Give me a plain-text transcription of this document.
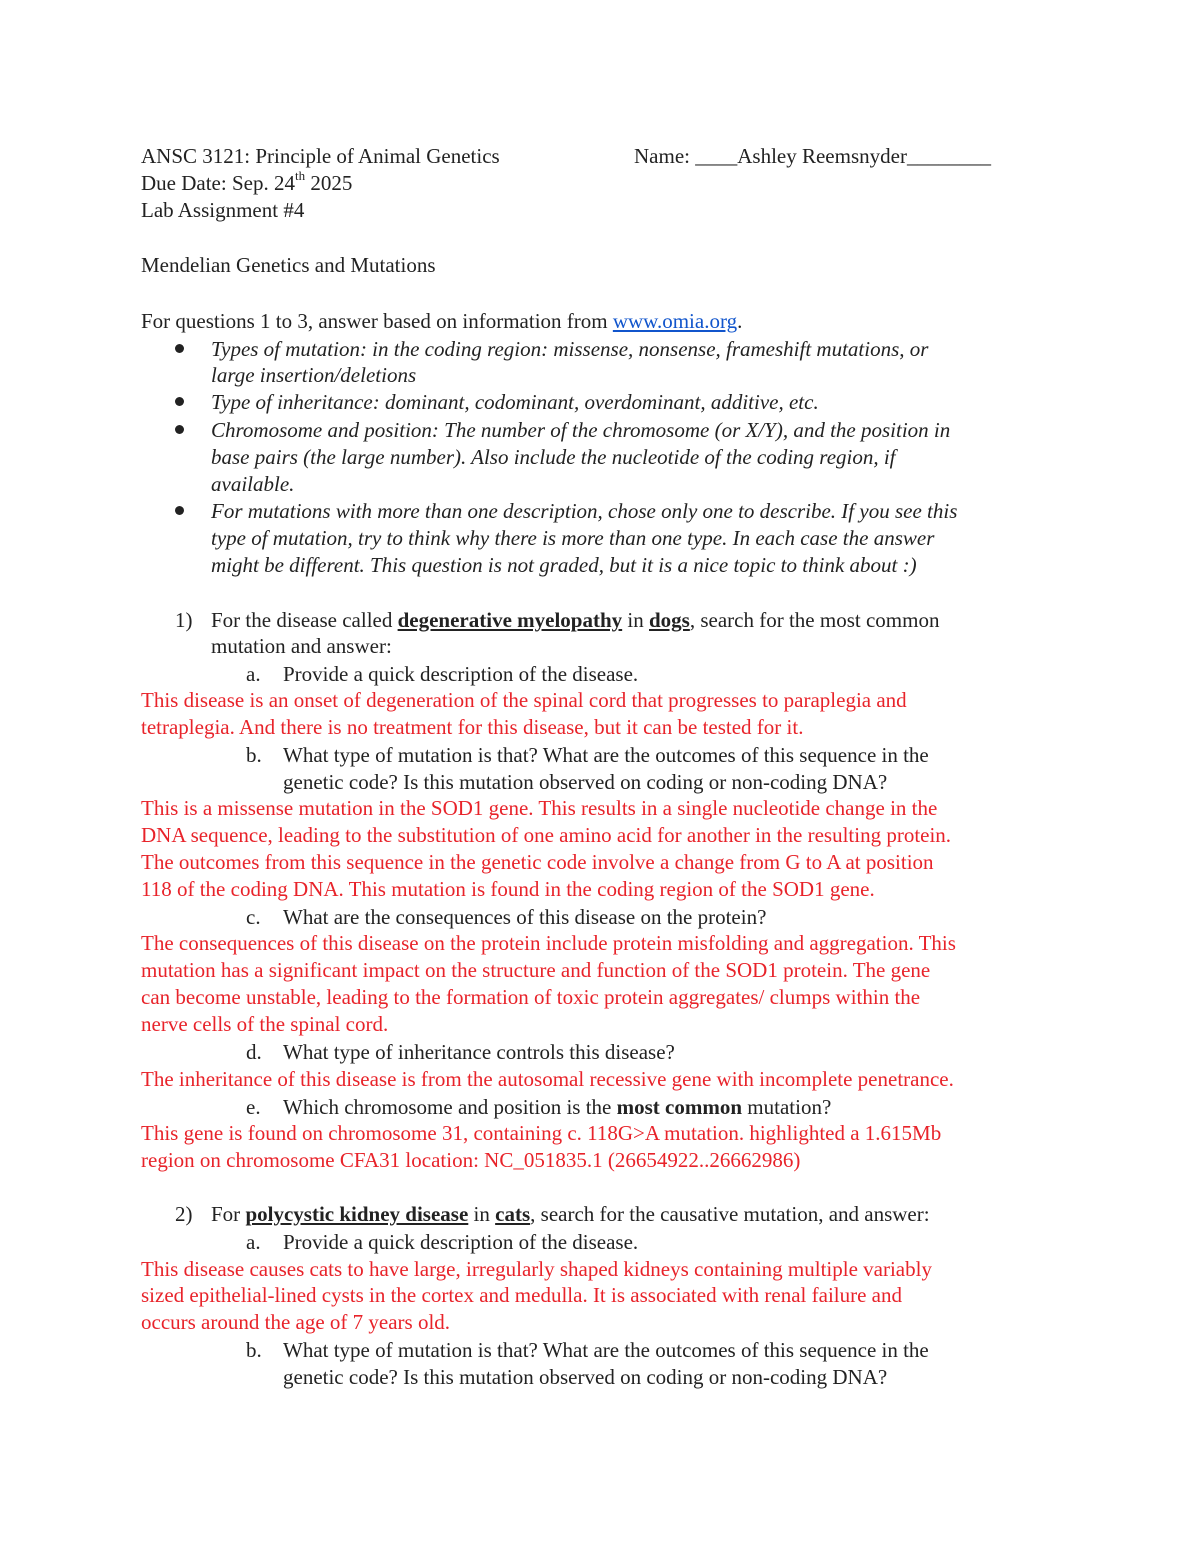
ANSC 3121: Principle of Animal Genetics	Name: ____Ashley Reemsnyder________
Due Date: Sep. 24th 2025
Lab Assignment #4
Mendelian Genetics and Mutations
For questions 1 to 3, answer based on information from www.omia.org.
Types of mutation: in the coding region: missense, nonsense, frameshift mutations, or
large insertion/deletions
Type of inheritance: dominant, codominant, overdominant, additive, etc.
Chromosome and position: The number of the chromosome (or X/Y), and the position in
base pairs (the large number). Also include the nucleotide of the coding region, if
available.
For mutations with more than one description, chose only one to describe. If you see this
type of mutation, try to think why there is more than one type. In each case the answer
might be different. This question is not graded, but it is a nice topic to think about :)
1) For the disease called degenerative myelopathy in dogs, search for the most common
mutation and answer:
a. Provide a quick description of the disease.
This disease is an onset of degeneration of the spinal cord that progresses to paraplegia and
tetraplegia. And there is no treatment for this disease, but it can be tested for it.
b. What type of mutation is that? What are the outcomes of this sequence in the
genetic code? Is this mutation observed on coding or non-coding DNA?
This is a missense mutation in the SOD1 gene. This results in a single nucleotide change in the
DNA sequence, leading to the substitution of one amino acid for another in the resulting protein.
The outcomes from this sequence in the genetic code involve a change from G to A at position
118 of the coding DNA. This mutation is found in the coding region of the SOD1 gene.
c. What are the consequences of this disease on the protein?
The consequences of this disease on the protein include protein misfolding and aggregation. This
mutation has a significant impact on the structure and function of the SOD1 protein. The gene
can become unstable, leading to the formation of toxic protein aggregates/ clumps within the
nerve cells of the spinal cord.
d. What type of inheritance controls this disease?
The inheritance of this disease is from the autosomal recessive gene with incomplete penetrance.
e. Which chromosome and position is the most common mutation?
This gene is found on chromosome 31, containing c. 118G>A mutation. highlighted a 1.615Mb
region on chromosome CFA31 location: NC_051835.1 (26654922..26662986)
2) For polycystic kidney disease in cats, search for the causative mutation, and answer:
a. Provide a quick description of the disease.
This disease causes cats to have large, irregularly shaped kidneys containing multiple variably
sized epithelial-lined cysts in the cortex and medulla. It is associated with renal failure and
occurs around the age of 7 years old.
b. What type of mutation is that? What are the outcomes of this sequence in the
genetic code? Is this mutation observed on coding or non-coding DNA?
